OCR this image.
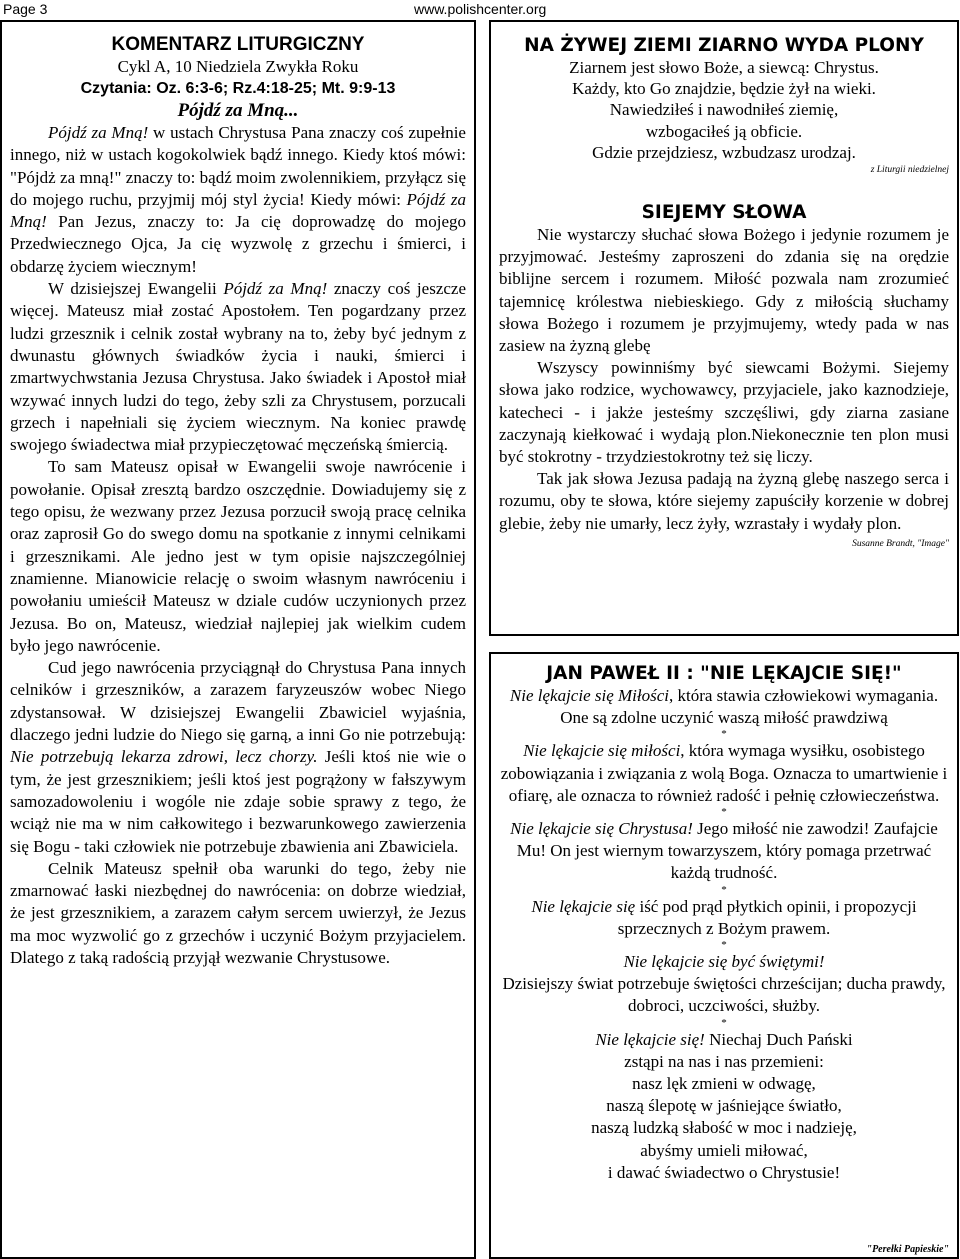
Page 3	www.polishcenter.org

KOMENTARZ LITURGICZNY

Cykl A, 10 Niedziela Zwykła Roku

Czytania: Oz. 6:3-6; Rz.4:18-25; Mt. 9:9-13

Pójdź za Mną...

Pójdź za Mną! w ustach Chrystusa Pana znaczy coś zupełnie innego, niż w ustach kogokolwiek bądź innego. Kiedy ktoś mówi: "Pójdż za mną!" znaczy to: bądź moim zwolennikiem, przyłącz się do mojego ruchu, przyjmij mój styl życia! Kiedy mówi: Pójdź za Mną! Pan Jezus, znaczy to: Ja cię doprowadzę do mojego Przedwiecznego Ojca, Ja cię wyzwolę z grzechu i śmierci, i obdarzę życiem wiecznym!

W dzisiejszej Ewangelii Pójdź za Mną! znaczy coś jeszcze więcej. Mateusz miał zostać Apostołem. Ten pogardzany przez ludzi grzesznik i celnik został wybrany na to, żeby być jednym z dwunastu głównych świadków życia i nauki, śmierci i zmartwychwstania Jezusa Chrystusa. Jako świadek i Apostoł miał wzywać innych ludzi do tego, żeby szli za Chrystusem, porzucali grzech i napełniali się życiem wiecznym. Na koniec prawdę swojego świadectwa miał przypieczętować męczeńską śmiercią.

To sam Mateusz opisał w Ewangelii swoje nawrócenie i powołanie. Opisał zresztą bardzo oszczędnie. Dowiadujemy się z tego opisu, że wezwany przez Jezusa porzucił swoją pracę celnika oraz zaprosił Go do swego domu na spotkanie z innymi celnikami i grzesznikami. Ale jedno jest w tym opisie najszczególniej znamienne. Mianowicie relację o swoim własnym nawróceniu i powołaniu umieścił Mateusz w dziale cudów uczynionych przez Jezusa. Bo on, Mateusz, wiedział najlepiej jak wielkim cudem było jego nawrócenie.

Cud jego nawrócenia przyciągnął do Chrystusa Pana innych celników i grzeszników, a zarazem faryzeuszów wobec Niego zdystansował. W dzisiejszej Ewangelii Zbawiciel wyjaśnia, dlaczego jedni ludzie do Niego się garną, a inni Go nie potrzebują: Nie potrzebują lekarza zdrowi, lecz chorzy. Jeśli ktoś nie wie o tym, że jest grzesznikiem; jeśli ktoś jest pogrążony w fałszywym samozadowoleniu i wogóle nie zdaje sobie sprawy z tego, że wciąż nie ma w nim całkowitego i bezwarunkowego zawierzenia się Bogu - taki człowiek nie potrzebuje zbawienia ani Zbawiciela.

Celnik Mateusz spełnił oba warunki do tego, żeby nie zmarnować łaski niezbędnej do nawrócenia: on dobrze wiedział, że jest grzesznikiem, a zarazem całym sercem uwierzył, że Jezus ma moc wyzwolić go z grzechów i uczynić Bożym przyjacielem. Dlatego z taką radością przyjął wezwanie Chrystusowe.

NA ŻYWEJ ZIEMI ZIARNO WYDA PLONY

Ziarnem jest słowo Boże, a siewcą: Chrystus.

Każdy, kto Go znajdzie, będzie żył na wieki.

Nawiedziłeś i nawodniłeś ziemię,

wzbogaciłeś ją obficie.

Gdzie przejdziesz, wzbudzasz urodzaj.

z Liturgii niedzielnej

SIEJEMY SŁOWA

Nie wystarczy słuchać słowa Bożego i jedynie rozumem je przyjmować. Jesteśmy zaproszeni do zdania się na orędzie biblijne sercem i rozumem. Miłość pozwala nam zrozumieć tajemnicę królestwa niebieskiego. Gdy z miłością słuchamy słowa Bożego i rozumem je przyjmujemy, wtedy pada w nas zasiew na żyzną glebę

Wszyscy powinniśmy być siewcami Bożymi. Siejemy słowa jako rodzice, wychowawcy, przyjaciele, jako kaznodzieje, katecheci - i jakże jesteśmy szczęśliwi, gdy ziarna zasiane zaczynają kiełkować i wydają plon.Niekonecznie ten plon musi być stokrotny - trzydziestokrotny też się liczy.

Tak jak słowa Jezusa padają na żyzną glebę naszego serca i rozumu, oby te słowa, które siejemy zapuściły korzenie w dobrej glebie, żeby nie umarły, lecz żyły, wzrastały i wydały plon.

Susanne Brandt, "Image"

JAN PAWEŁ II : "NIE LĘKAJCIE SIĘ!"

Nie lękajcie się Miłości, która stawia człowiekowi wymagania. One są zdolne uczynić waszą miłość prawdziwą

*

Nie lękajcie się miłości, która wymaga wysiłku, osobistego zobowiązania i związania z wolą Boga. Oznacza to umartwienie i ofiarę, ale oznacza to również radość i pełnię człowieczeństwa.

*

Nie lękajcie się Chrystusa! Jego miłość nie zawodzi! Zaufajcie Mu! On jest wiernym towarzyszem, który pomaga przetrwać każdą trudność.

*

Nie lękajcie się iść pod prąd płytkich opinii, i propozycji sprzecznych z Bożym prawem.

*

Nie lękajcie się być świętymi!

Dzisiejszy świat potrzebuje świętości chrześcijan; ducha prawdy, dobroci, uczciwości, służby.

*

Nie lękajcie się! Niechaj Duch Pański

zstąpi na nas i nas przemieni:

nasz lęk zmieni w odwagę,

naszą ślepotę w jaśniejące światło,

naszą ludzką słabość w moc i nadzieję,

abyśmy umieli miłować,

i dawać świadectwo o Chrystusie!

"Perełki Papieskie"
